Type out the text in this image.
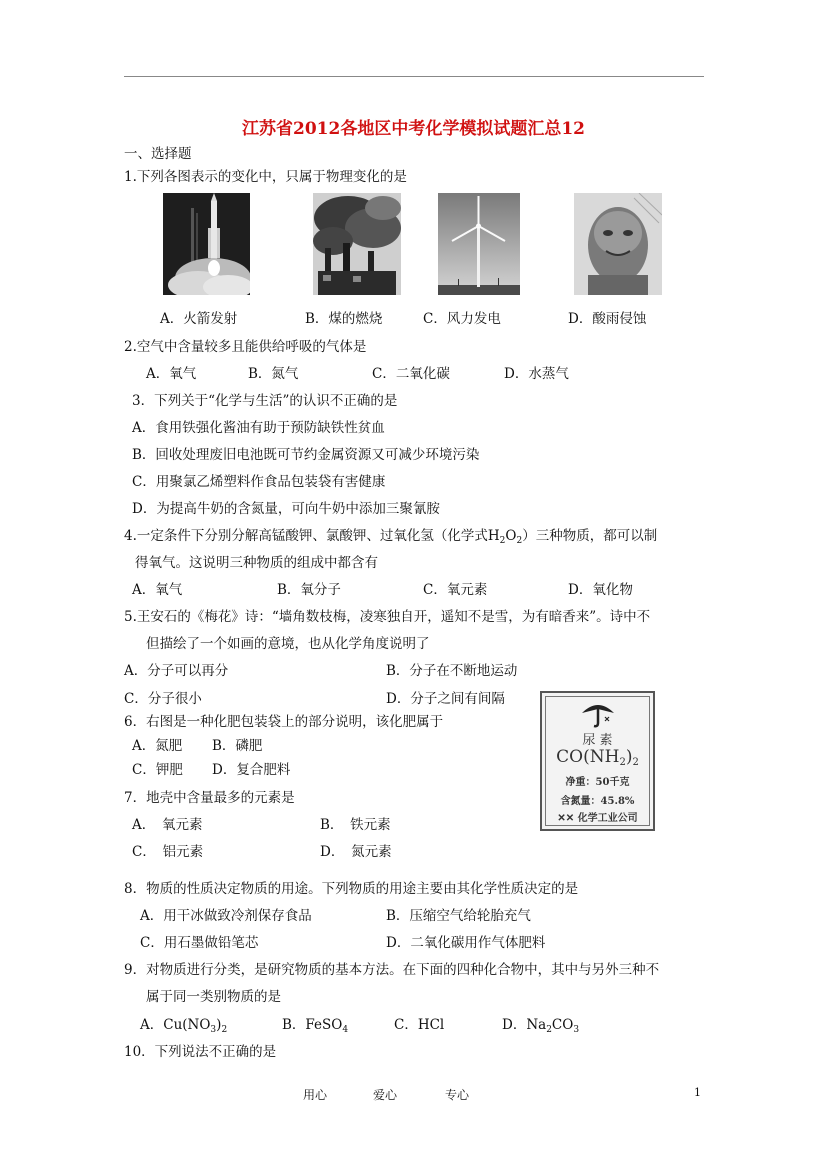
江苏省2012各地区中考化学模拟试题汇总12
一、选择题
1.下列各图表示的变化中，只属于物理变化的是
A．火箭发射	B．煤的燃烧	C．风力发电	D．酸雨侵蚀
2.空气中含量较多且能供给呼吸的气体是
A．氧气	B．氮气	C．二氧化碳	D．水蒸气
3．下列关于“化学与生活”的认识不正确的是
A．食用铁强化酱油有助于预防缺铁性贫血
B．回收处理废旧电池既可节约金属资源又可减少环境污染
C．用聚氯乙烯塑料作食品包装袋有害健康
D．为提高牛奶的含氮量，可向牛奶中添加三聚氰胺
4.一定条件下分别分解高锰酸钾、氯酸钾、过氧化氢（化学式$H_2O_2$）三种物质，都可以制
得氧气。这说明三种物质的组成中都含有
A．氧气	B．氧分子	C．氧元素	D．氧化物
5.王安石的《梅花》诗：“墙角数枝梅，凌寒独自开，遥知不是雪，为有暗香来”。诗中不
但描绘了一个如画的意境，也从化学角度说明了
A．分子可以再分	B．分子在不断地运动
C．分子很小	D．分子之间有间隔
尿 素
CO(NH2)2
净重：50千克
含氮量：45.8%
✕✕ 化学工业公司
6．右图是一种化肥包装袋上的部分说明，该化肥属于
A．氮肥 B．磷肥
C．钾肥 D．复合肥料
7．地壳中含量最多的元素是
A．　氧元素	B．　铁元素
C．　铝元素	D．　氮元素
8．物质的性质决定物质的用途。下列物质的用途主要由其化学性质决定的是
A．用干冰做致冷剂保存食品	B．压缩空气给轮胎充气
C．用石墨做铅笔芯	D．二氧化碳用作气体肥料
9．对物质进行分类，是研究物质的基本方法。在下面的四种化合物中，其中与另外三种不
属于同一类别物质的是
A．$Cu(NO_3)_2$	B．FeSO$_4$	C．HCl	D．$Na_2CO_3$
10．下列说法不正确的是
用心	爱心	专心	1
